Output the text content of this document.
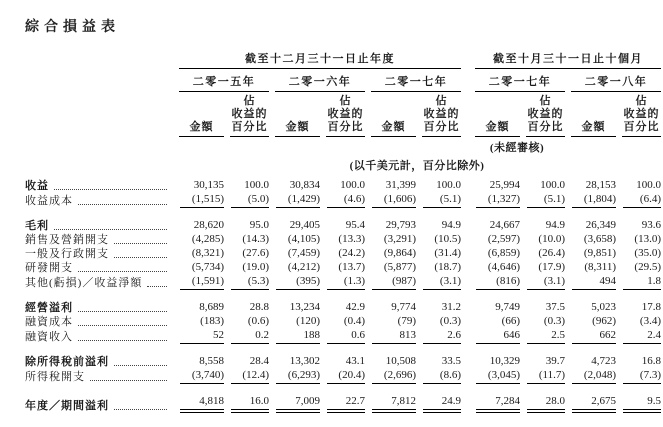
綜合損益表

	截至十二月三十一日止年度							截至十月三十一日止十個月			

	二零一五年		二零一六年		二零一七年			二零一七年		二零一八年	

	金額	佔
收益的
百分比	金額	佔
收益的
百分比	金額	佔
收益的
百分比		金額	佔
收益的
百分比	金額	佔
收益的
百分比

								(未經審核)			
	(以千美元計，百分比除外)										

收益	30,135	100.0	30,834	100.0	31,399	100.0		25,994	100.0	28,153	100.0

收益成本	(1,515)	(5.0)	(1,429)	(4.6)	(1,606)	(5.1)		(1,327)	(5.1)	(1,804)	(6.4)

毛利	28,620	95.0	29,405	95.4	29,793	94.9		24,667	94.9	26,349	93.6

銷售及營銷開支	(4,285)	(14.3)	(4,105)	(13.3)	(3,291)	(10.5)		(2,597)	(10.0)	(3,658)	(13.0)

一般及行政開支	(8,321)	(27.6)	(7,459)	(24.2)	(9,864)	(31.4)		(6,859)	(26.4)	(9,851)	(35.0)

研發開支	(5,734)	(19.0)	(4,212)	(13.7)	(5,877)	(18.7)		(4,646)	(17.9)	(8,311)	(29.5)

其他(虧損)／收益淨額	(1,591)	(5.3)	(395)	(1.3)	(987)	(3.1)		(816)	(3.1)	494	1.8

經營溢利	8,689	28.8	13,234	42.9	9,774	31.2		9,749	37.5	5,023	17.8

融資成本	(183)	(0.6)	(120)	(0.4)	(79)	(0.3)		(66)	(0.3)	(962)	(3.4)

融資收入	52	0.2	188	0.6	813	2.6		646	2.5	662	2.4

除所得稅前溢利	8,558	28.4	13,302	43.1	10,508	33.5		10,329	39.7	4,723	16.8

所得稅開支	(3,740)	(12.4)	(6,293)	(20.4)	(2,696)	(8.6)		(3,045)	(11.7)	(2,048)	(7.3)

年度／期間溢利	4,818	16.0	7,009	22.7	7,812	24.9		7,284	28.0	2,675	9.5
